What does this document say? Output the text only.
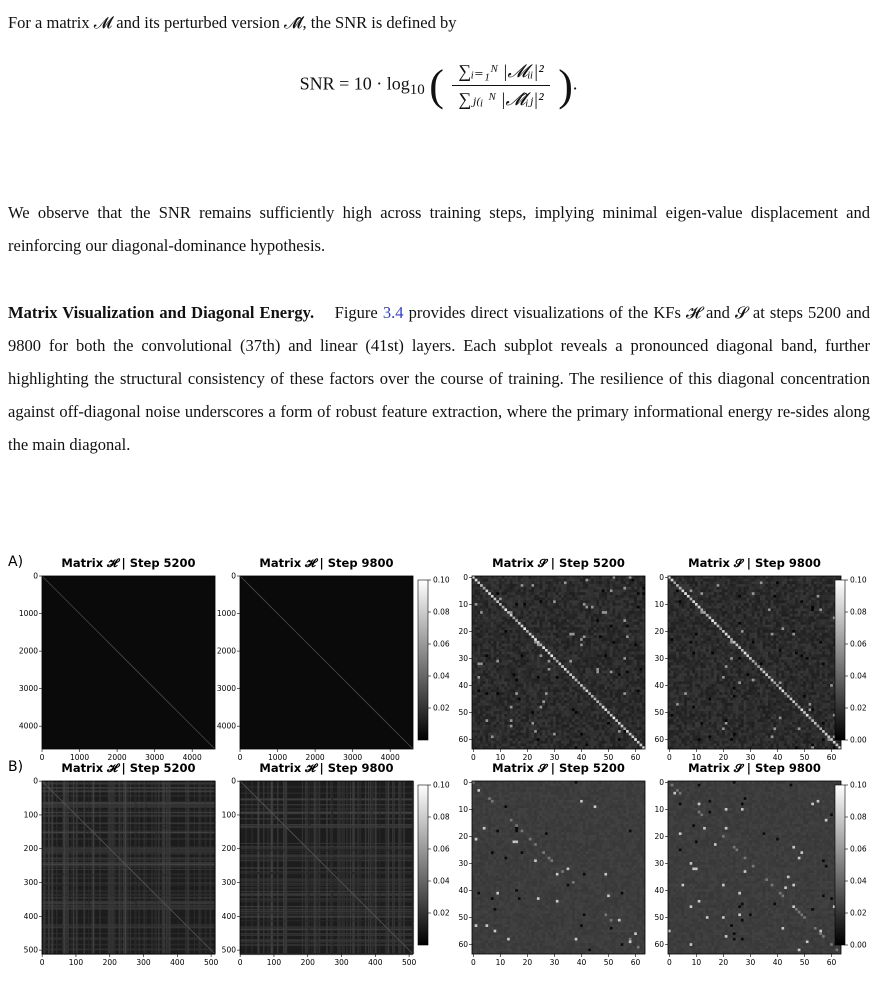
For a matrix 𝓜 and its perturbed version 𝓜̂, the SNR is defined by

SNR = $10 \cdot \log_{10}$ ( $\frac{\text{∑ᵢ₌₁ᴺ |𝓜ᵢᵢ|²}}{\text{∑ⱼ₍ᵢ ᴺ |𝓜̂ᵢⱼ|²}}$ ).

We observe that the SNR remains sufficiently high across training steps, implying minimal eigen-value displacement and reinforcing our diagonal-dominance hypothesis.

Matrix Visualization and Diagonal Energy. Figure 3.4 provides direct visualizations of the KFs 𝓗 and 𝓢 at steps 5200 and 9800 for both the convolutional (37th) and linear (41st) layers. Each subplot reveals a pronounced diagonal band, further highlighting the structural consistency of these factors over the course of training. The resilience of this diagonal concentration against off-diagonal noise underscores a form of robust feature extraction, where the primary informational energy re-sides along the main diagonal.

A)	Matrix 𝓗 | Step 5200
0	1000 2000 3000 4000
0
1000
2000
3000
4000
Matrix 𝓗 | Step 9800
0	1000 2000 3000 4000
0
1000
2000
3000
4000
Matrix 𝓢 | Step 5200
0	10 20 30 40 50 60
0
10
20
30
40
50
60
Matrix 𝓢 | Step 9800
0	10 20 30 40 50 60
0
10
20
30
40
50
60
0.10
0.08
0.06
0.04
0.02
0.10
0.08
0.06
0.04
0.02
0.00
B)	Matrix 𝓗 | Step 5200
0	100	200	300	400	500
0
100
200
300
400
500
Matrix 𝓗 | Step 9800
0	100	200	300	400	500
0
100
200
300
400
500
Matrix 𝓢 | Step 5200
0	10 20 30 40 50 60
0
10
20
30
40
50
60
Matrix 𝓢 | Step 9800
0	10 20 30 40 50 60
0
10
20
30
40
50
60
0.10
0.08
0.06
0.04
0.02
0.10
0.08
0.06
0.04
0.02
0.00
